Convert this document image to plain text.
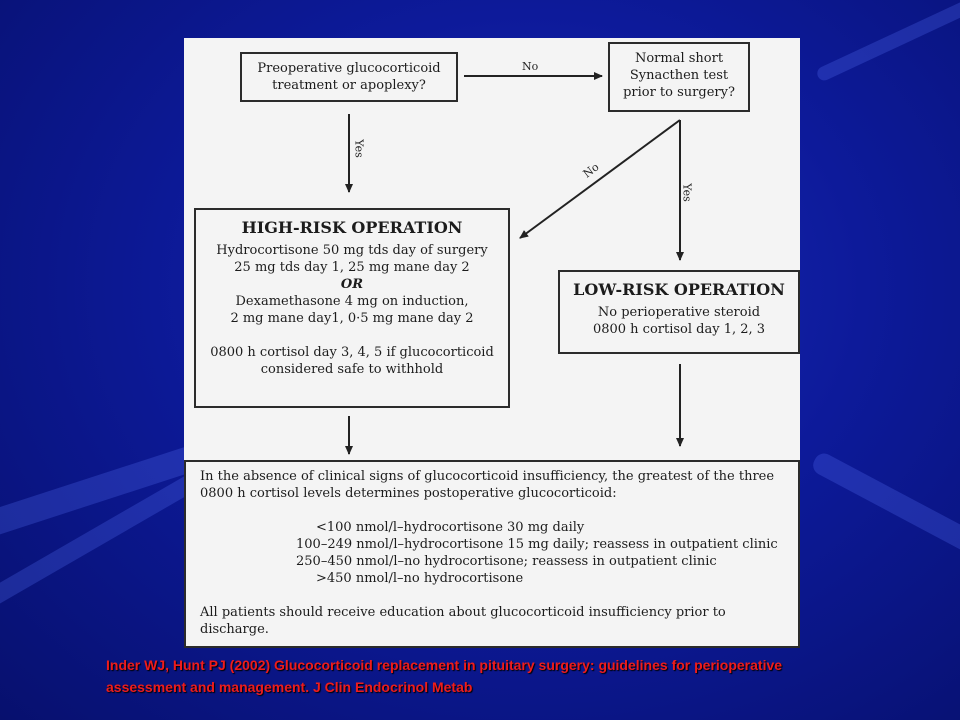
No
Yes
No
Yes
Preoperative glucocorticoid
treatment or apoplexy?
Normal short
Synacthen test
prior to surgery?
HIGH-RISK OPERATION
Hydrocortisone 50 mg tds day of surgery
25 mg tds day 1, 25 mg mane day 2
OR
Dexamethasone 4 mg on induction,
2 mg mane day1, 0·5 mg mane day 2
0800 h cortisol day 3, 4, 5 if glucocorticoid
considered safe to withhold
LOW-RISK OPERATION
No perioperative steroid
0800 h cortisol day 1, 2, 3
In the absence of clinical signs of glucocorticoid insufficiency, the greatest of the three
0800 h cortisol levels determines postoperative glucocorticoid:
<100 nmol/l–hydrocortisone 30 mg daily
100–249 nmol/l–hydrocortisone 15 mg daily; reassess in outpatient clinic
250–450 nmol/l–no hydrocortisone; reassess in outpatient clinic
>450 nmol/l–no hydrocortisone
All patients should receive education about glucocorticoid insufficiency prior to discharge.
Inder WJ, Hunt PJ (2002) Glucocorticoid replacement in pituitary surgery: guidelines for perioperative
assessment and management. J Clin Endocrinol Metab
